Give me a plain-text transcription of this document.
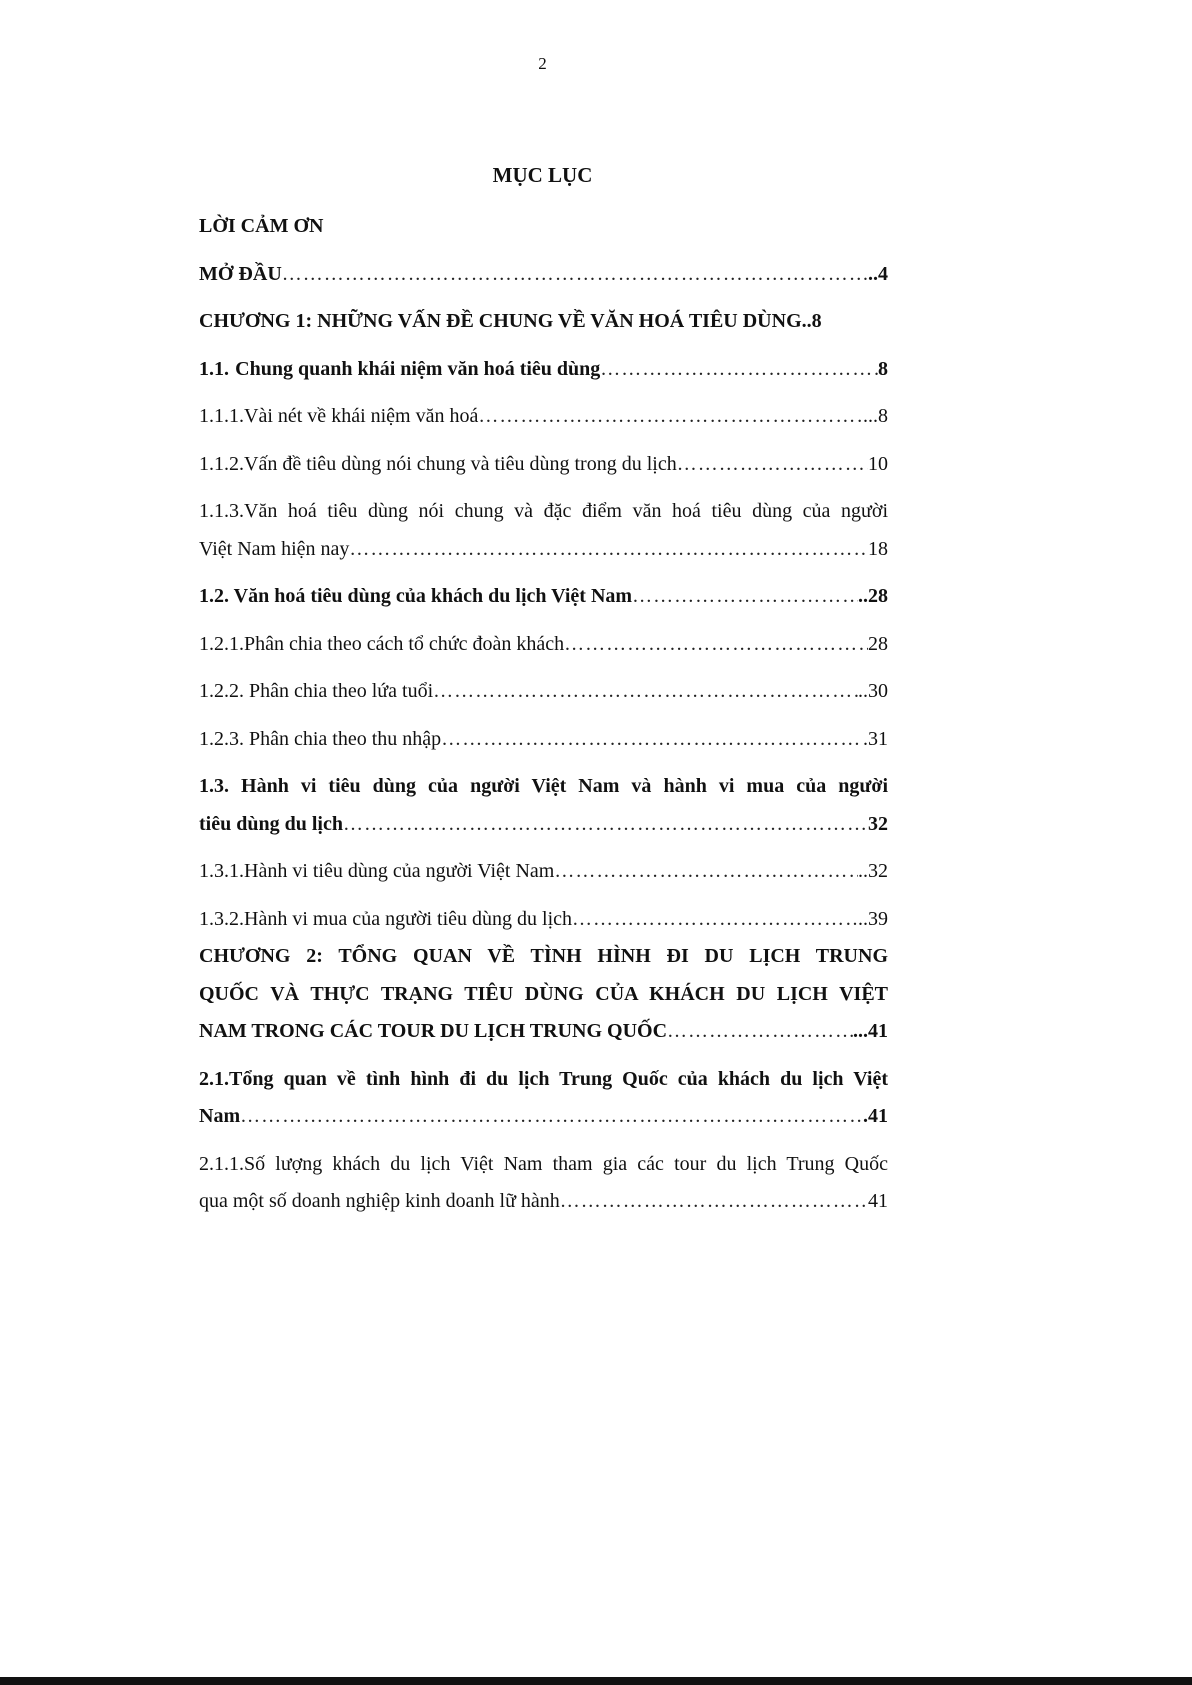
2
MỤC LỤC
LỜI CẢM ƠN
MỞ ĐẦU ………………………………………………………………………………………………………………………………………………………………………………………	..4
CHƯƠNG 1: NHỮNG VẤN ĐỀ CHUNG VỀ VĂN HOÁ TIÊU DÙNG ..8
1.1. Chung quanh khái niệm văn hoá tiêu dùng ………………………………………………………………………………………………………………………………………………………………………………………	8
1.1.1.Vài nét về khái niệm văn hoá ………………………………………………………………………………………………………………………………………………………………………………………	...8
1.1.2.Vấn đề tiêu dùng nói chung và tiêu dùng trong du lịch ………………………………………………………………………………………………………………………………………………………………………………………	10
1.1.3.Văn hoá tiêu dùng nói chung và đặc điểm văn hoá tiêu dùng của người
Việt Nam hiện nay ………………………………………………………………………………………………………………………………………………………………………………………	18
1.2. Văn hoá tiêu dùng của khách du lịch Việt Nam ………………………………………………………………………………………………………………………………………………………………………………………	..28
1.2.1.Phân chia theo cách tổ chức đoàn khách ………………………………………………………………………………………………………………………………………………………………………………………	28
1.2.2. Phân chia theo lứa tuổi ………………………………………………………………………………………………………………………………………………………………………………………	..30
1.2.3. Phân chia theo thu nhập ………………………………………………………………………………………………………………………………………………………………………………………	.31
1.3. Hành vi tiêu dùng của người Việt Nam và hành vi mua của người
tiêu dùng du lịch ………………………………………………………………………………………………………………………………………………………………………………………	32
1.3.1.Hành vi tiêu dùng của người Việt Nam ………………………………………………………………………………………………………………………………………………………………………………………	..32
1.3.2.Hành vi mua của người tiêu dùng du lịch ………………………………………………………………………………………………………………………………………………………………………………………	..39
CHƯƠNG 2: TỔNG QUAN VỀ TÌNH HÌNH ĐI DU LỊCH TRUNG
QUỐC VÀ THỰC TRẠNG TIÊU DÙNG CỦA KHÁCH DU LỊCH VIỆT
NAM TRONG CÁC TOUR DU LỊCH TRUNG QUỐC ………………………………………………………………………………………………………………………………………………………………………………………	...41
2.1.Tổng quan về tình hình đi du lịch Trung Quốc của khách du lịch Việt
Nam ………………………………………………………………………………………………………………………………………………………………………………………	.41
2.1.1.Số lượng khách du lịch Việt Nam tham gia các tour du lịch Trung Quốc
qua một số doanh nghiệp kinh doanh lữ hành ………………………………………………………………………………………………………………………………………………………………………………………	41
